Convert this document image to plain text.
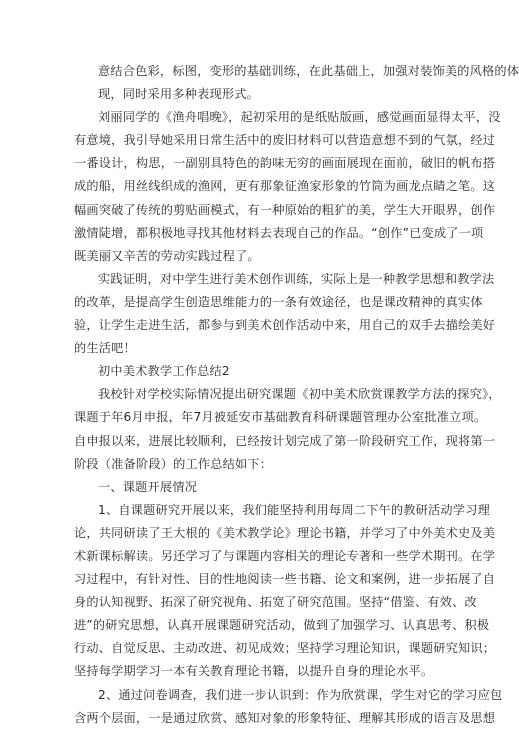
意结合色彩，标图，变形的基础训练，在此基础上，加强对装饰美的风格的体
现，同时采用多种表现形式。
刘丽同学的《渔舟唱晚》，起初采用的是纸贴版画，感觉画面显得太平，没
有意境，我引导她采用日常生活中的废旧材料可以营造意想不到的气氛，经过
一番设计，构思，一副别具特色的韵味无穷的画面展现在面前，破旧的帆布搭
成的船，用丝线织成的渔网，更有那象征渔家形象的竹筒为画龙点睛之笔。这
幅画突破了传统的剪贴画模式，有一种原始的粗犷的美，学生大开眼界，创作
激情陡增，都积极地寻找其他材料去表现自己的作品。“创作”已变成了一项
既美丽又辛苦的劳动实践过程了。
实践证明，对中学生进行美术创作训练，实际上是一种教学思想和教学法
的改革，是提高学生创造思维能力的一条有效途径，也是课改精神的真实体
验，让学生走进生活，都参与到美术创作活动中来，用自己的双手去描绘美好
的生活吧！
初中美术教学工作总结2
我校针对学校实际情况提出研究课题《初中美术欣赏课教学方法的探究》，
课题于年6月申报，年7月被延安市基础教育科研课题管理办公室批准立项。
自申报以来，进展比较顺利，已经按计划完成了第一阶段研究工作，现将第一
阶段（准备阶段）的工作总结如下：
一、课题开展情况
1、自课题研究开展以来，我们能坚持利用每周二下午的教研活动学习理
论，共同研读了王大根的《美术教学论》理论书籍，并学习了中外美术史及美
术新课标解读。另还学习了与课题内容相关的理论专著和一些学术期刊。在学
习过程中，有针对性、目的性地阅读一些书籍、论文和案例，进一步拓展了自
身的认知视野、拓深了研究视角、拓宽了研究范围。坚持“借鉴、有效、改
进”的研究思想，认真开展课题研究活动，做到了加强学习、认真思考、积极
行动、自觉反思、主动改进、初见成效；坚持学习理论知识，课题研究知识；
坚持每学期学习一本有关教育理论书籍，以提升自身的理论水平。
2、通过问卷调查，我们进一步认识到：作为欣赏课，学生对它的学习应包
含两个层面，一是通过欣赏、感知对象的形象特征、理解其形成的语言及思想
